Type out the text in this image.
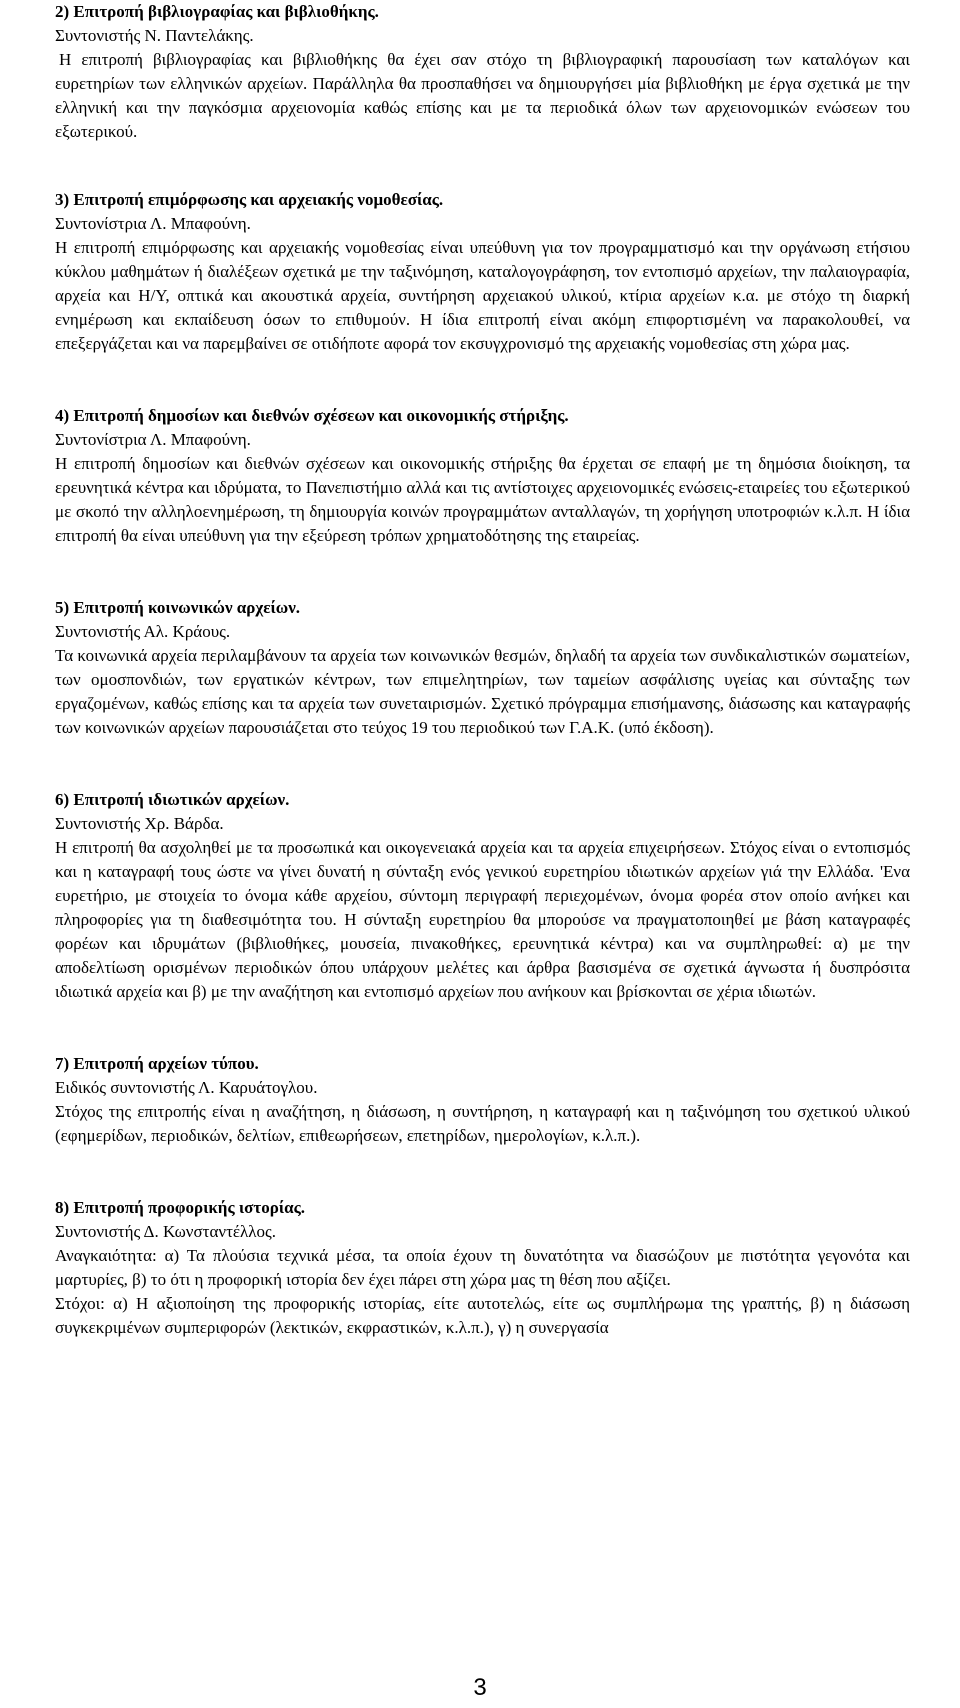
2) Επιτροπή βιβλιογραφίας και βιβλιοθήκης.
Συντονιστής Ν. Παντελάκης.

Η επιτροπή βιβλιογραφίας και βιβλιοθήκης θα έχει σαν στόχο τη βιβλιογραφική παρουσίαση των καταλόγων και ευρετηρίων των ελληνικών αρχείων. Παράλληλα θα προσπαθήσει να δημιουργήσει μία βιβλιοθήκη με έργα σχετικά με την ελληνική και την παγκόσμια αρχειονομία καθώς επίσης και με τα περιοδικά όλων των αρχειονομικών ενώσεων του εξωτερικού.

3) Επιτροπή επιμόρφωσης και αρχειακής νομοθεσίας.
Συντονίστρια Λ. Μπαφούνη.

Η επιτροπή επιμόρφωσης και αρχειακής νομοθεσίας είναι υπεύθυνη για τον προγραμματισμό και την οργάνωση ετήσιου κύκλου μαθημάτων ή διαλέξεων σχετικά με την ταξινόμηση, καταλογογράφηση, τον εντοπισμό αρχείων, την παλαιογραφία, αρχεία και Η/Υ, οπτικά και ακουστικά αρχεία, συντήρηση αρχειακού υλικού, κτίρια αρχείων κ.α. με στόχο τη διαρκή ενημέρωση και εκπαίδευση όσων το επιθυμούν. Η ίδια επιτροπή είναι ακόμη επιφορτισμένη να παρακολουθεί, να επεξεργάζεται και να παρεμβαίνει σε οτιδήποτε αφορά τον εκσυγχρονισμό της αρχειακής νομοθεσίας στη χώρα μας.

4) Επιτροπή δημοσίων και διεθνών σχέσεων και οικονομικής στήριξης.
Συντονίστρια Λ. Μπαφούνη.

Η επιτροπή δημοσίων και διεθνών σχέσεων και οικονομικής στήριξης θα έρχεται σε επαφή με τη δημόσια διοίκηση, τα ερευνητικά κέντρα και ιδρύματα, το Πανεπιστήμιο αλλά και τις αντίστοιχες αρχειονομικές ενώσεις-εταιρείες του εξωτερικού με σκοπό την αλληλοενημέρωση, τη δημιουργία κοινών προγραμμάτων ανταλλαγών, τη χορήγηση υποτροφιών κ.λ.π. Η ίδια επιτροπή θα είναι υπεύθυνη για την εξεύρεση τρόπων χρηματοδότησης της εταιρείας.

5) Επιτροπή κοινωνικών αρχείων.
Συντονιστής Αλ. Κράους.

Τα κοινωνικά αρχεία περιλαμβάνουν τα αρχεία των κοινωνικών θεσμών, δηλαδή τα αρχεία των συνδικαλιστικών σωματείων, των ομοσπονδιών, των εργατικών κέντρων, των επιμελητηρίων, των ταμείων ασφάλισης υγείας και σύνταξης των εργαζομένων, καθώς επίσης και τα αρχεία των συνεταιρισμών. Σχετικό πρόγραμμα επισήμανσης, διάσωσης και καταγραφής των κοινωνικών αρχείων παρουσιάζεται στο τεύχος 19 του περιοδικού των Γ.Α.Κ. (υπό έκδοση).

6) Επιτροπή ιδιωτικών αρχείων.
Συντονιστής Χρ. Βάρδα.

Η επιτροπή θα ασχοληθεί με τα προσωπικά και οικογενειακά αρχεία και τα αρχεία επιχειρήσεων. Στόχος είναι ο εντοπισμός και η καταγραφή τους ώστε να γίνει δυνατή η σύνταξη ενός γενικού ευρετηρίου ιδιωτικών αρχείων γιά την Ελλάδα. 'Ενα ευρετήριο, με στοιχεία το όνομα κάθε αρχείου, σύντομη περιγραφή περιεχομένων, όνομα φορέα στον οποίο ανήκει και πληροφορίες για τη διαθεσιμότητα του. Η σύνταξη ευρετηρίου θα μπορούσε να πραγματοποιηθεί με βάση καταγραφές φορέων και ιδρυμάτων (βιβλιοθήκες, μουσεία, πινακοθήκες, ερευνητικά κέντρα) και να συμπληρωθεί: α) με την αποδελτίωση ορισμένων περιοδικών όπου υπάρχουν μελέτες και άρθρα βασισμένα σε σχετικά άγνωστα ή δυσπρόσιτα ιδιωτικά αρχεία και β) με την αναζήτηση και εντοπισμό αρχείων που ανήκουν και βρίσκονται σε χέρια ιδιωτών.

7) Επιτροπή αρχείων τύπου.
Ειδικός συντονιστής Λ. Καρυάτογλου.

Στόχος της επιτροπής είναι η αναζήτηση, η διάσωση, η συντήρηση, η καταγραφή και η ταξινόμηση του σχετικού υλικού (εφημερίδων, περιοδικών, δελτίων, επιθεωρήσεων, επετηρίδων, ημερολογίων, κ.λ.π.).

8) Επιτροπή προφορικής ιστορίας.
Συντονιστής Δ. Κωνσταντέλλος.

Αναγκαιότητα: α) Τα πλούσια τεχνικά μέσα, τα οποία έχουν τη δυνατότητα να διασώζουν με πιστότητα γεγονότα και μαρτυρίες, β) το ότι η προφορική ιστορία δεν έχει πάρει στη χώρα μας τη θέση που αξίζει.

Στόχοι: α) Η αξιοποίηση της προφορικής ιστορίας, είτε αυτοτελώς, είτε ως συμπλήρωμα της γραπτής, β) η διάσωση συγκεκριμένων συμπεριφορών (λεκτικών, εκφραστικών, κ.λ.π.), γ) η συνεργασία

3
